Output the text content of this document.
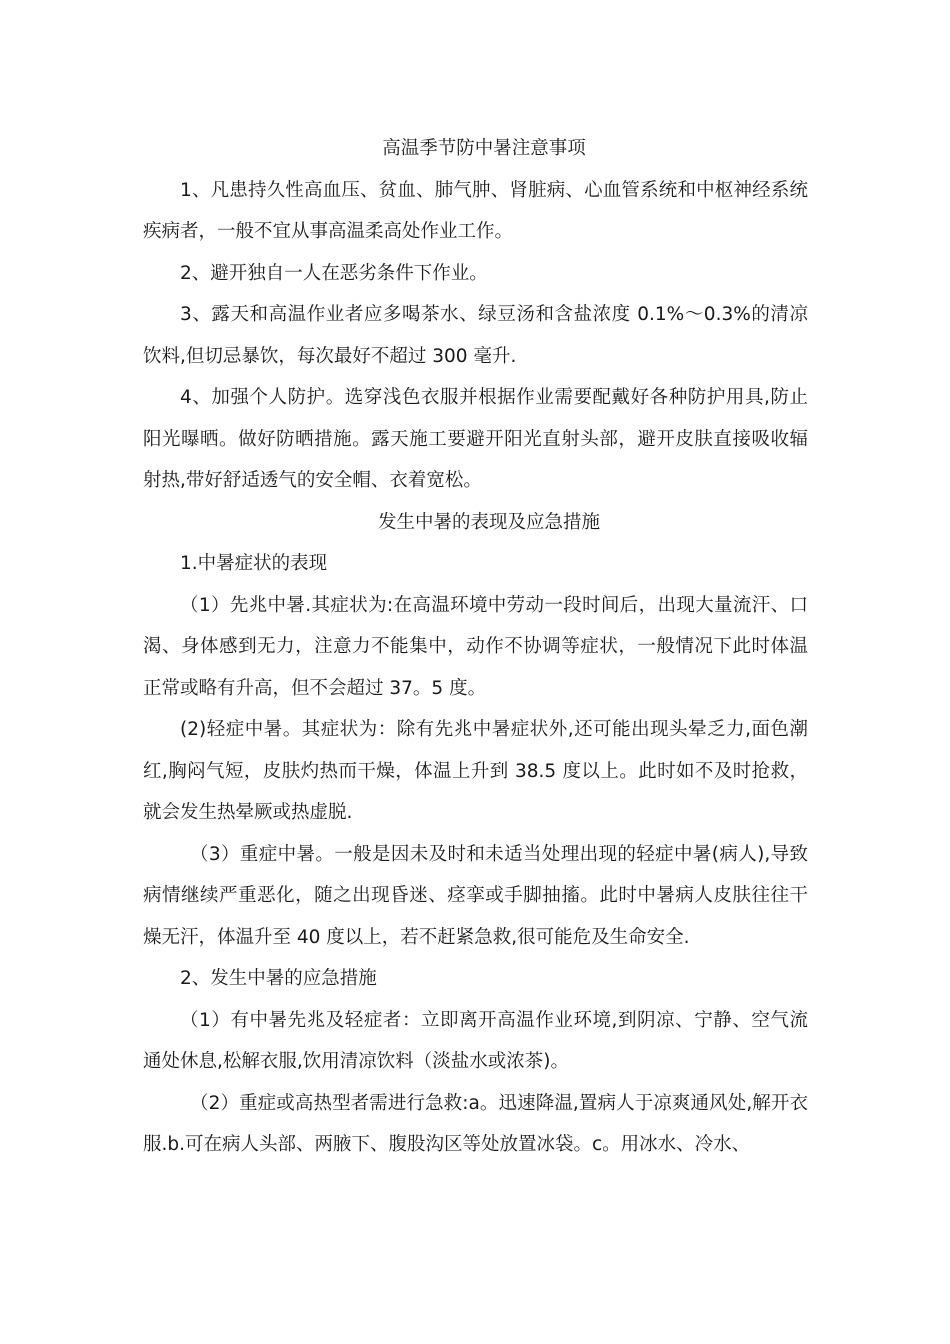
高温季节防中暑注意事项

1、凡患持久性高血压、贫血、肺气肿、肾脏病、心血管系统和中枢神经系统疾病者，一般不宜从事高温柔高处作业工作。

2、避开独自一人在恶劣条件下作业。

3、露天和高温作业者应多喝茶水、绿豆汤和含盐浓度 0.1%～0.3%的清凉饮料,但切忌暴饮，每次最好不超过 300 毫升.

4、加强个人防护。选穿浅色衣服并根据作业需要配戴好各种防护用具,防止阳光曝晒。做好防晒措施。露天施工要避开阳光直射头部，避开皮肤直接吸收辐射热,带好舒适透气的安全帽、衣着宽松。

发生中暑的表现及应急措施

1.中暑症状的表现

（1）先兆中暑.其症状为:在高温环境中劳动一段时间后，出现大量流汗、口渴、身体感到无力，注意力不能集中，动作不协调等症状，一般情况下此时体温正常或略有升高，但不会超过 37。5 度。

(2)轻症中暑。其症状为：除有先兆中暑症状外,还可能出现头晕乏力,面色潮红,胸闷气短，皮肤灼热而干燥，体温上升到 38.5 度以上。此时如不及时抢救，就会发生热晕厥或热虚脱.

（3）重症中暑。一般是因未及时和未适当处理出现的轻症中暑(病人),导致病情继续严重恶化，随之出现昏迷、痉挛或手脚抽搐。此时中暑病人皮肤往往干燥无汗，体温升至 40 度以上，若不赶紧急救,很可能危及生命安全.

2、发生中暑的应急措施

（1）有中暑先兆及轻症者：立即离开高温作业环境,到阴凉、宁静、空气流通处休息,松解衣服,饮用清凉饮料（淡盐水或浓茶)。

（2）重症或高热型者需进行急救:a。迅速降温,置病人于凉爽通风处,解开衣服.b.可在病人头部、两腋下、腹股沟区等处放置冰袋。c。用冰水、冷水、
